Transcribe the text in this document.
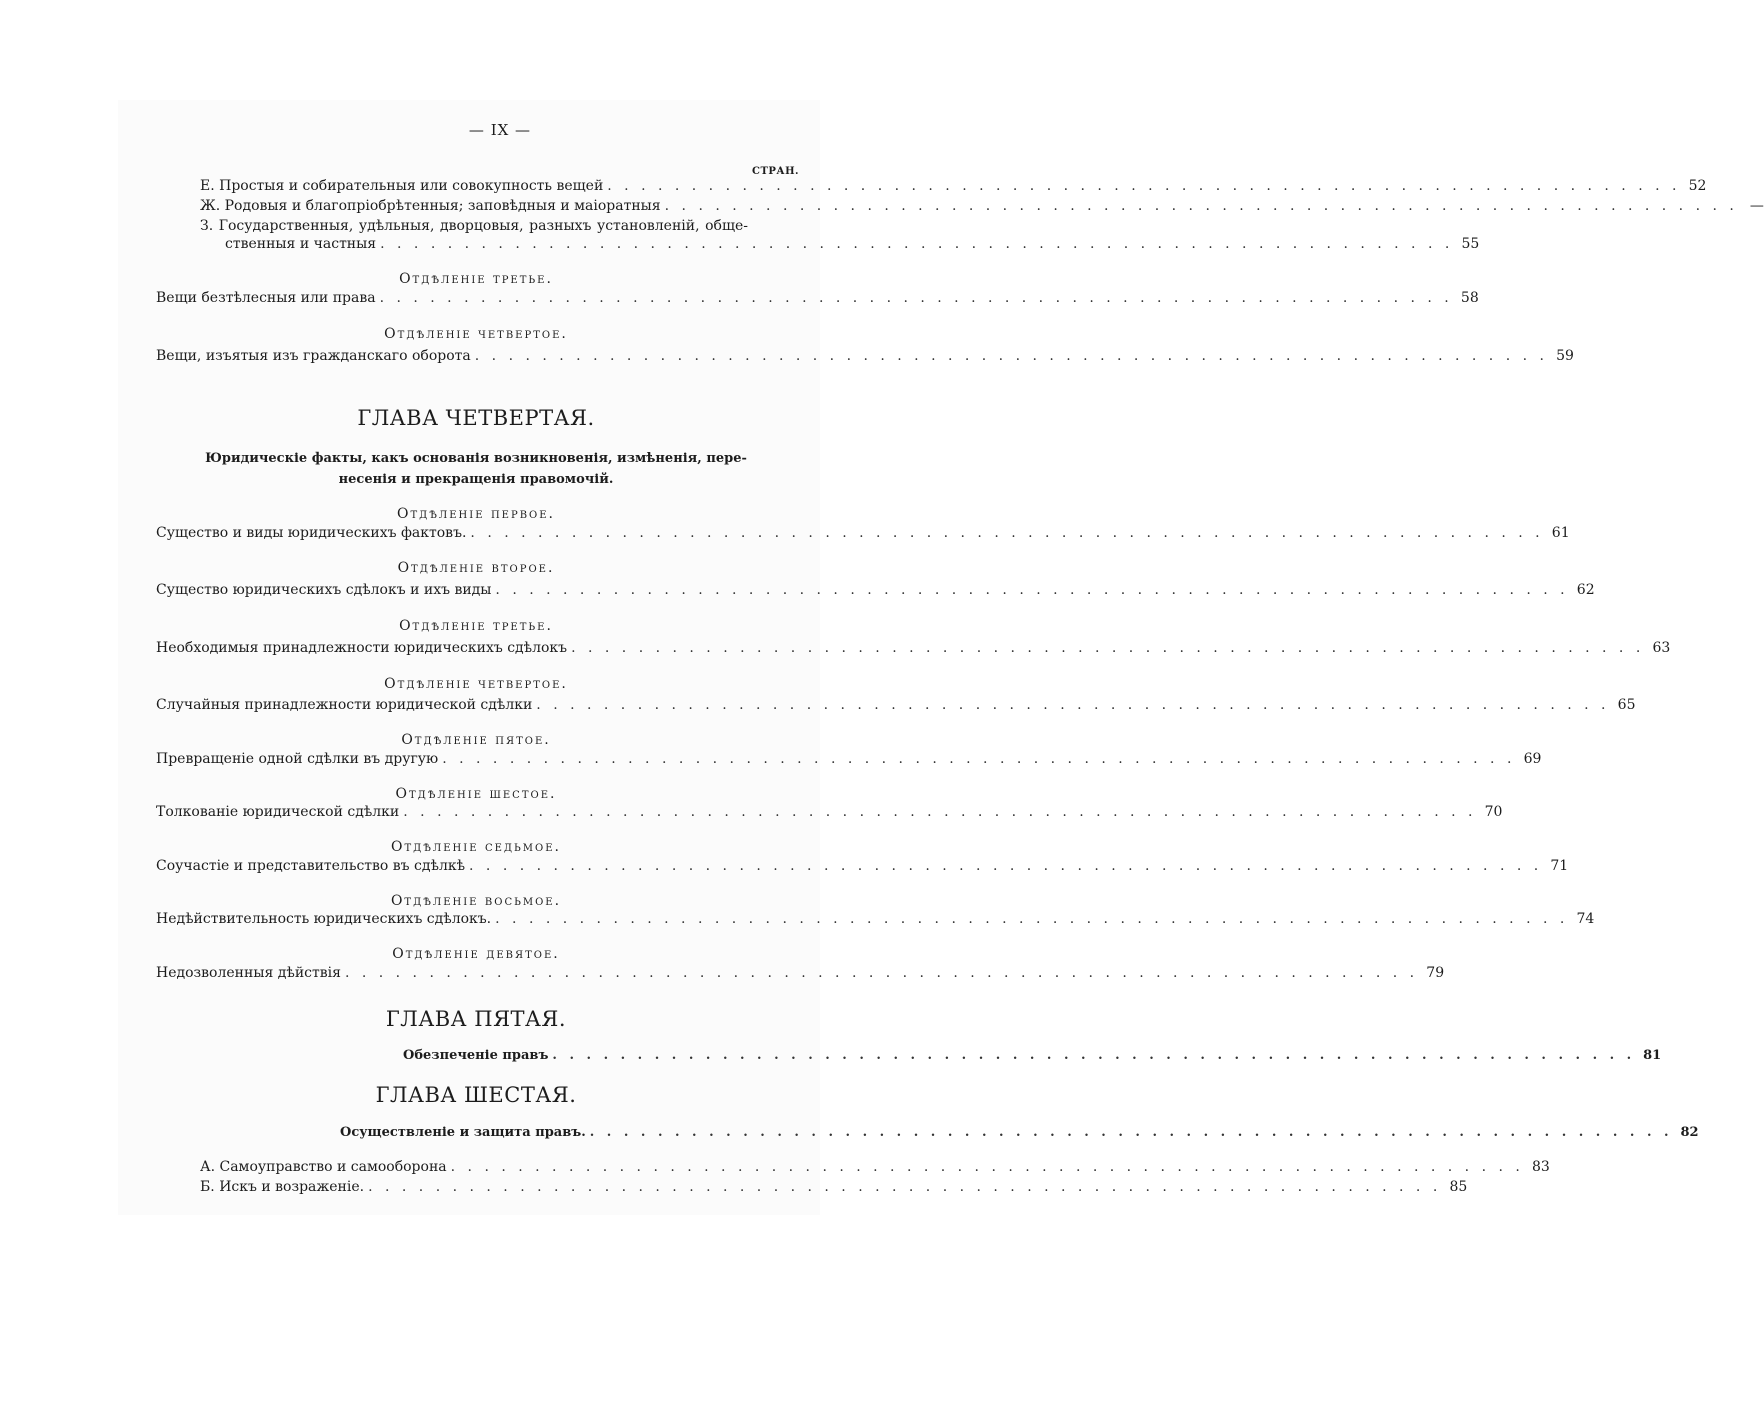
— IX —
СТРАН.
Е. Простыя и собирательныя или совокупность вещей . . . . . . . . . . . . . . . . . . . . . . . . . . . . . . . . . . . . . . . . . . . . . . . . . . . . . . . . . . . . . . . . 52
Ж. Родовыя и благопріобрѣтенныя; заповѣдныя и маіоратныя . . . . . . . . . . . . . . . . . . . . . . . . . . . . . . . . . . . . . . . . . . . . . . . . . . . . . . . . . . . . . . . . —
З. Государственныя, удѣльныя, дворцовыя, разныхъ установленій, обще-
ственныя и частныя . . . . . . . . . . . . . . . . . . . . . . . . . . . . . . . . . . . . . . . . . . . . . . . . . . . . . . . . . . . . . . . . 55
Отдѣленіе третье.
Вещи безтѣлесныя или права . . . . . . . . . . . . . . . . . . . . . . . . . . . . . . . . . . . . . . . . . . . . . . . . . . . . . . . . . . . . . . . . 58
Отдѣленіе четвертое.
Вещи, изъятыя изъ гражданскаго оборота . . . . . . . . . . . . . . . . . . . . . . . . . . . . . . . . . . . . . . . . . . . . . . . . . . . . . . . . . . . . . . . . 59
ГЛАВА ЧЕТВЕРТАЯ.
Юридическіе факты, какъ основанія возникновенія, измѣненія, пере-
несенія и прекращенія правомочій.
Отдѣленіе первое.
Существо и виды юридическихъ фактовъ. . . . . . . . . . . . . . . . . . . . . . . . . . . . . . . . . . . . . . . . . . . . . . . . . . . . . . . . . . . . . . . . . 61
Отдѣленіе второе.
Существо юридическихъ сдѣлокъ и ихъ виды . . . . . . . . . . . . . . . . . . . . . . . . . . . . . . . . . . . . . . . . . . . . . . . . . . . . . . . . . . . . . . . . 62
Отдѣленіе третье.
Необходимыя принадлежности юридическихъ сдѣлокъ . . . . . . . . . . . . . . . . . . . . . . . . . . . . . . . . . . . . . . . . . . . . . . . . . . . . . . . . . . . . . . . . 63
Отдѣленіе четвертое.
Случайныя принадлежности юридической сдѣлки . . . . . . . . . . . . . . . . . . . . . . . . . . . . . . . . . . . . . . . . . . . . . . . . . . . . . . . . . . . . . . . . 65
Отдѣленіе пятое.
Превращеніе одной сдѣлки въ другую . . . . . . . . . . . . . . . . . . . . . . . . . . . . . . . . . . . . . . . . . . . . . . . . . . . . . . . . . . . . . . . . 69
Отдѣленіе шестое.
Толкованіе юридической сдѣлки . . . . . . . . . . . . . . . . . . . . . . . . . . . . . . . . . . . . . . . . . . . . . . . . . . . . . . . . . . . . . . . . 70
Отдѣленіе седьмое.
Соучастіе и представительство въ сдѣлкѣ . . . . . . . . . . . . . . . . . . . . . . . . . . . . . . . . . . . . . . . . . . . . . . . . . . . . . . . . . . . . . . . . 71
Отдѣленіе восьмое.
Недѣйствительность юридическихъ сдѣлокъ. . . . . . . . . . . . . . . . . . . . . . . . . . . . . . . . . . . . . . . . . . . . . . . . . . . . . . . . . . . . . . . . . 74
Отдѣленіе девятое.
Недозволенныя дѣйствія . . . . . . . . . . . . . . . . . . . . . . . . . . . . . . . . . . . . . . . . . . . . . . . . . . . . . . . . . . . . . . . . 79
ГЛАВА ПЯТАЯ.
Обезпеченіе правъ . . . . . . . . . . . . . . . . . . . . . . . . . . . . . . . . . . . . . . . . . . . . . . . . . . . . . . . . . . . . . . . . 81
ГЛАВА ШЕСТАЯ.
Осуществленіе и защита правъ. . . . . . . . . . . . . . . . . . . . . . . . . . . . . . . . . . . . . . . . . . . . . . . . . . . . . . . . . . . . . . . . . 82
А. Самоуправство и самооборона . . . . . . . . . . . . . . . . . . . . . . . . . . . . . . . . . . . . . . . . . . . . . . . . . . . . . . . . . . . . . . . . 83
Б. Искъ и возраженіе. . . . . . . . . . . . . . . . . . . . . . . . . . . . . . . . . . . . . . . . . . . . . . . . . . . . . . . . . . . . . . . . . 85
